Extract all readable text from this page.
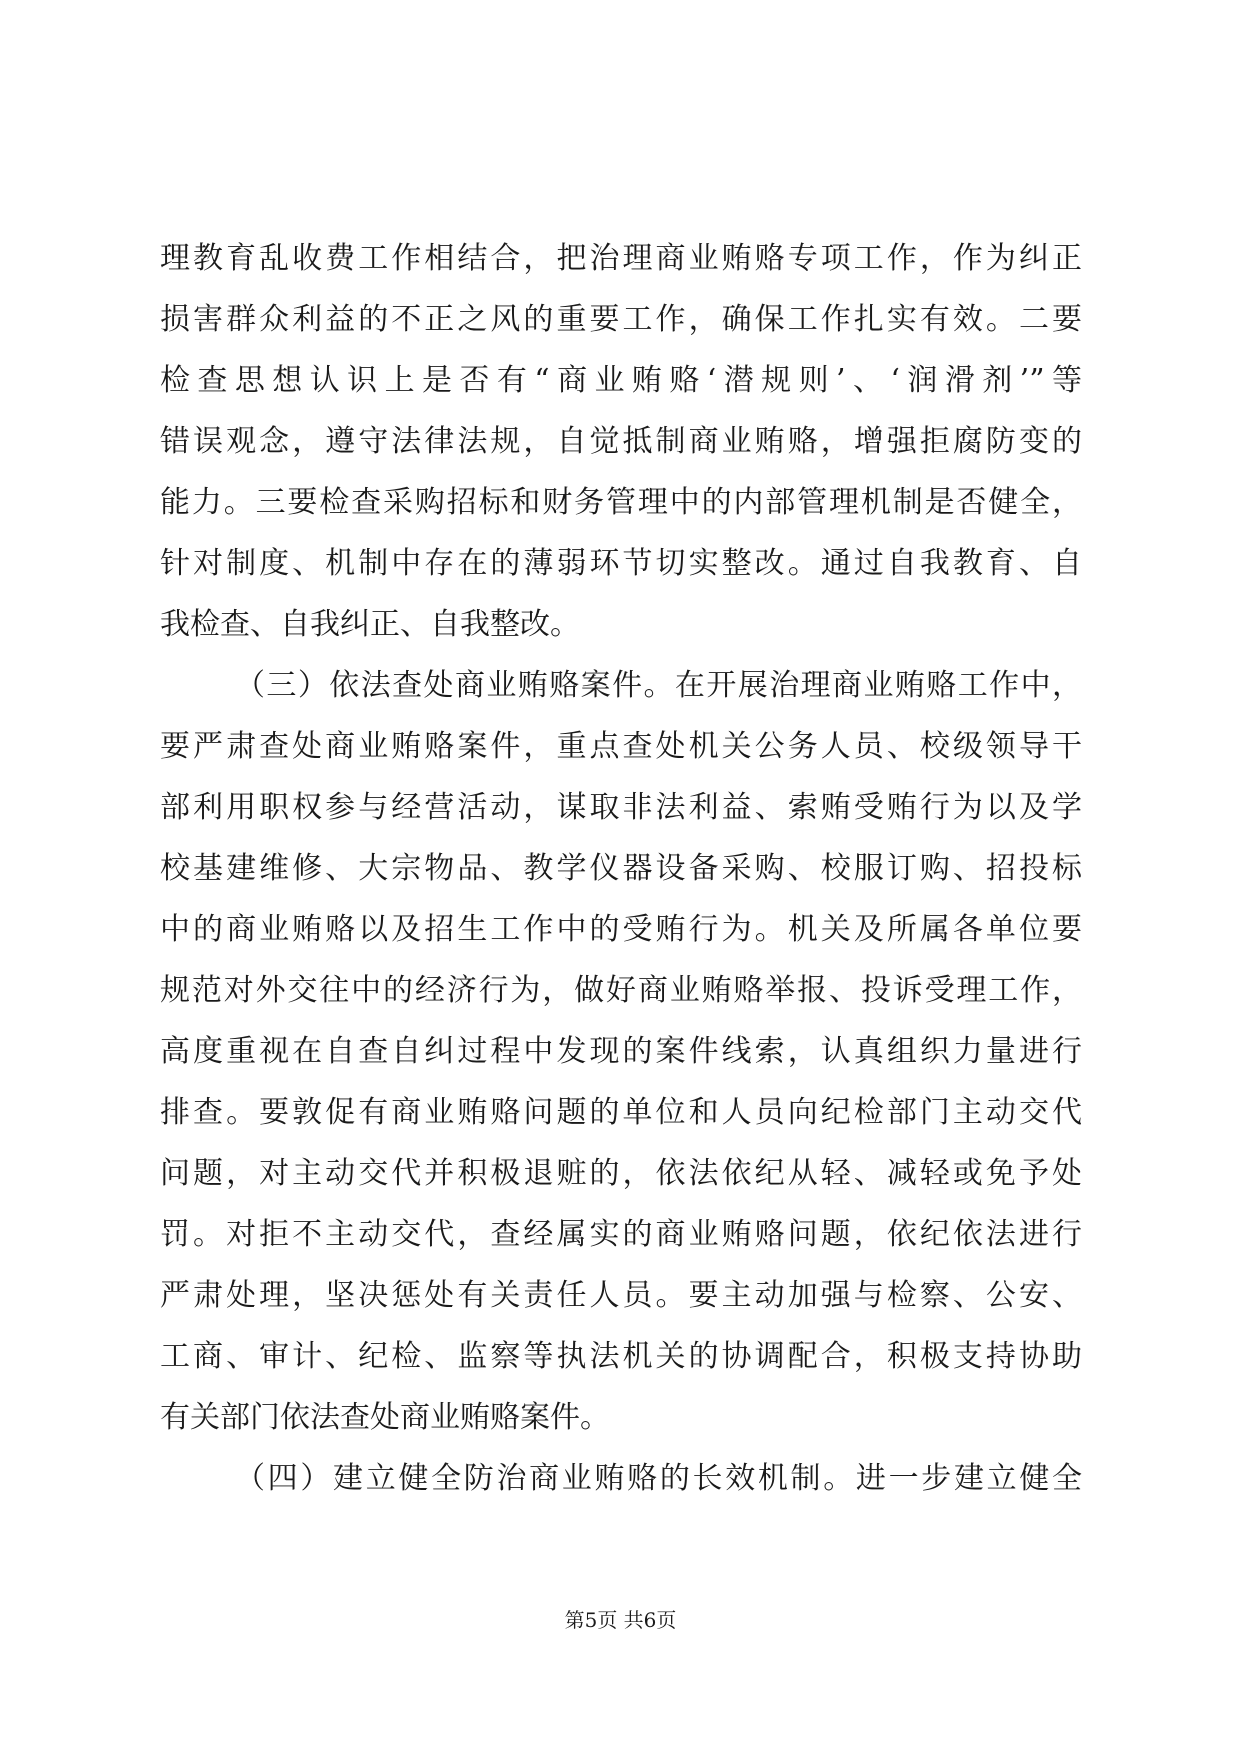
理教育乱收费工作相结合，把治理商业贿赂专项工作，作为纠正
损害群众利益的不正之风的重要工作，确保工作扎实有效。二要
检查思想认识上是否有“商业贿赂‘潜规则’、‘润滑剂’”等
错误观念，遵守法律法规，自觉抵制商业贿赂，增强拒腐防变的
能力。三要检查采购招标和财务管理中的内部管理机制是否健全，
针对制度、机制中存在的薄弱环节切实整改。通过自我教育、自
我检查、自我纠正、自我整改。
（三）依法查处商业贿赂案件。在开展治理商业贿赂工作中，
要严肃查处商业贿赂案件，重点查处机关公务人员、校级领导干
部利用职权参与经营活动，谋取非法利益、索贿受贿行为以及学
校基建维修、大宗物品、教学仪器设备采购、校服订购、招投标
中的商业贿赂以及招生工作中的受贿行为。机关及所属各单位要
规范对外交往中的经济行为，做好商业贿赂举报、投诉受理工作，
高度重视在自查自纠过程中发现的案件线索，认真组织力量进行
排查。要敦促有商业贿赂问题的单位和人员向纪检部门主动交代
问题，对主动交代并积极退赃的，依法依纪从轻、减轻或免予处
罚。对拒不主动交代，查经属实的商业贿赂问题，依纪依法进行
严肃处理，坚决惩处有关责任人员。要主动加强与检察、公安、
工商、审计、纪检、监察等执法机关的协调配合，积极支持协助
有关部门依法查处商业贿赂案件。
（四）建立健全防治商业贿赂的长效机制。进一步建立健全
第5页 共6页
